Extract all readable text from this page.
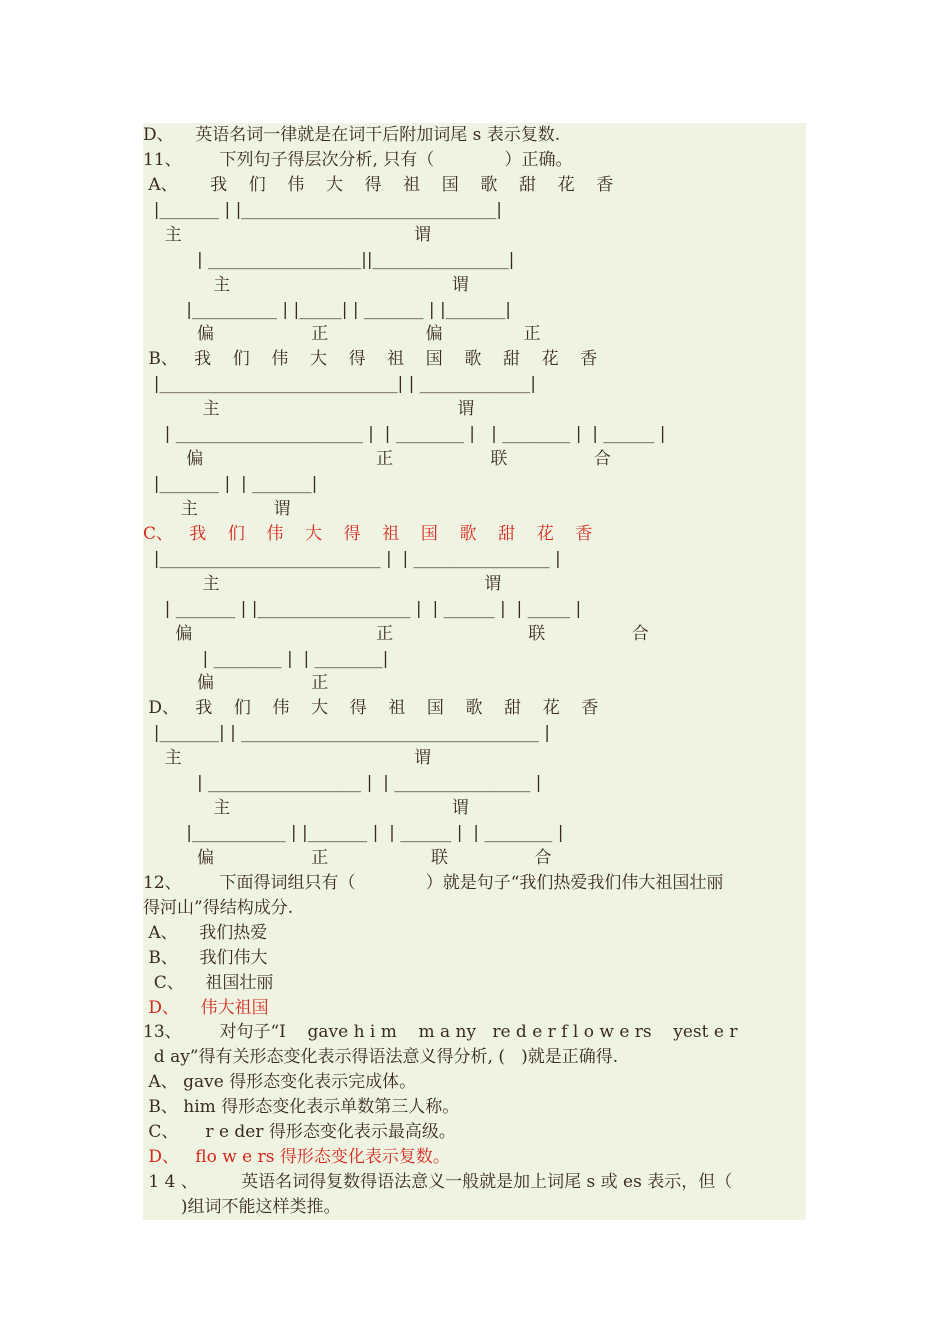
D、    英语名词一律就是在词干后附加词尾 s 表示复数.
11、       下列句子得层次分析, 只有（             ）正确。
A、      我    们    伟    大    得    祖    国    歌    甜    花    香
|_______ | |______________________________|
主                                           谓
| __________________||________________|
主                                         谓
|__________ | |_____| | _______ | |_______|
偏                  正                  偏               正
B、   我    们    伟    大    得    祖    国    歌    甜    花    香
|____________________________| | _____________|
主                                            谓
| ______________________ |  | ________ |   | ________ |  | ______ |
偏                                正                  联                合
|_______ |  | _______|
主              谓
C、   我    们    伟    大    得    祖    国    歌    甜    花    香
|__________________________ |  | ________________ |
主                                                 谓
| _______ | |__________________ |  | ______ |  | _____ |
偏                                  正                         联                合
| ________ |  | ________|
偏                  正
D、   我    们    伟    大    得    祖    国    歌    甜    花    香
|_______| | ___________________________________ |
主                                           谓
| __________________ |  | ________________ |
主                                         谓
|___________ | |_______ |  | ______ |  | ________ |
偏                  正                   联                合
12、       下面得词组只有（             ）就是句子“我们热爱我们伟大祖国壮丽
得河山”得结构成分.
A、    我们热爱
B、    我们伟大
C、    祖国壮丽
D、    伟大祖国
13、       对句子“I    gave h i m    m a ny   re d e r f l o w e rs    yest e r
d ay”得有关形态变化表示得语法意义得分析, (   )就是正确得.
A、 gave 得形态变化表示完成体。
B、 him 得形态变化表示单数第三人称。
C、     r e der 得形态变化表示最高级。
D、   flo w e rs 得形态变化表示复数。
1 4 、        英语名词得复数得语法意义一般就是加上词尾 s 或 es 表示，但（
)组词不能这样类推。
